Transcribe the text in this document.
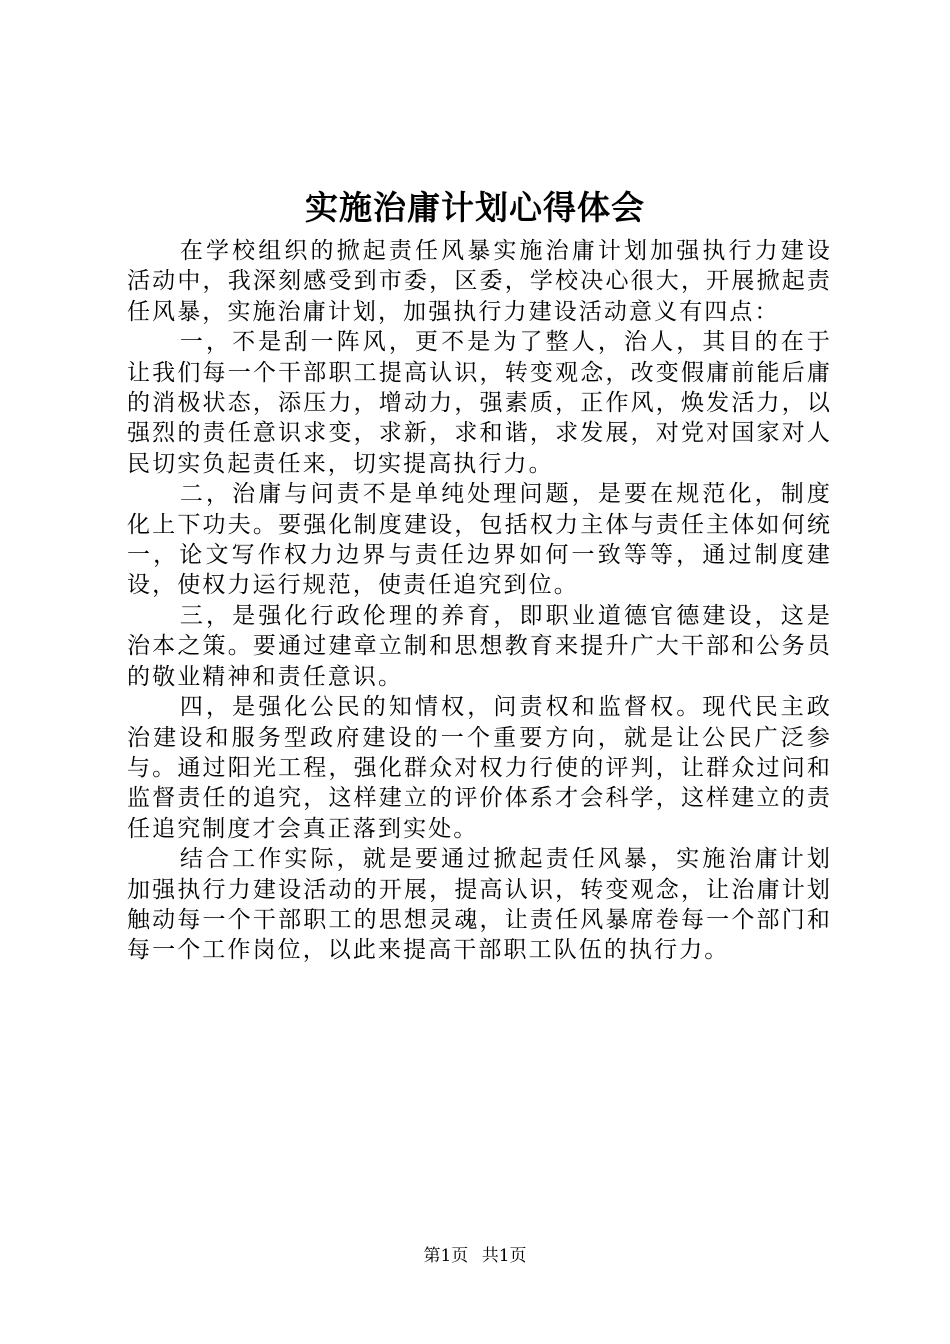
实施治庸计划心得体会

在学校组织的掀起责任风暴实施治庸计划加强执行力建设活动中，我深刻感受到市委，区委，学校决心很大，开展掀起责任风暴，实施治庸计划，加强执行力建设活动意义有四点：

一，不是刮一阵风，更不是为了整人，治人，其目的在于让我们每一个干部职工提高认识，转变观念，改变假庸前能后庸的消极状态，添压力，增动力，强素质，正作风，焕发活力，以强烈的责任意识求变，求新，求和谐，求发展，对党对国家对人民切实负起责任来，切实提高执行力。

二，治庸与问责不是单纯处理问题，是要在规范化，制度化上下功夫。要强化制度建设，包括权力主体与责任主体如何统一，论文写作权力边界与责任边界如何一致等等，通过制度建设，使权力运行规范，使责任追究到位。

三，是强化行政伦理的养育，即职业道德官德建设，这是治本之策。要通过建章立制和思想教育来提升广大干部和公务员的敬业精神和责任意识。

四，是强化公民的知情权，问责权和监督权。现代民主政治建设和服务型政府建设的一个重要方向，就是让公民广泛参与。通过阳光工程，强化群众对权力行使的评判，让群众过问和监督责任的追究，这样建立的评价体系才会科学，这样建立的责任追究制度才会真正落到实处。

结合工作实际，就是要通过掀起责任风暴，实施治庸计划加强执行力建设活动的开展，提高认识，转变观念，让治庸计划触动每一个干部职工的思想灵魂，让责任风暴席卷每一个部门和每一个工作岗位，以此来提高干部职工队伍的执行力。

第1页 共1页
